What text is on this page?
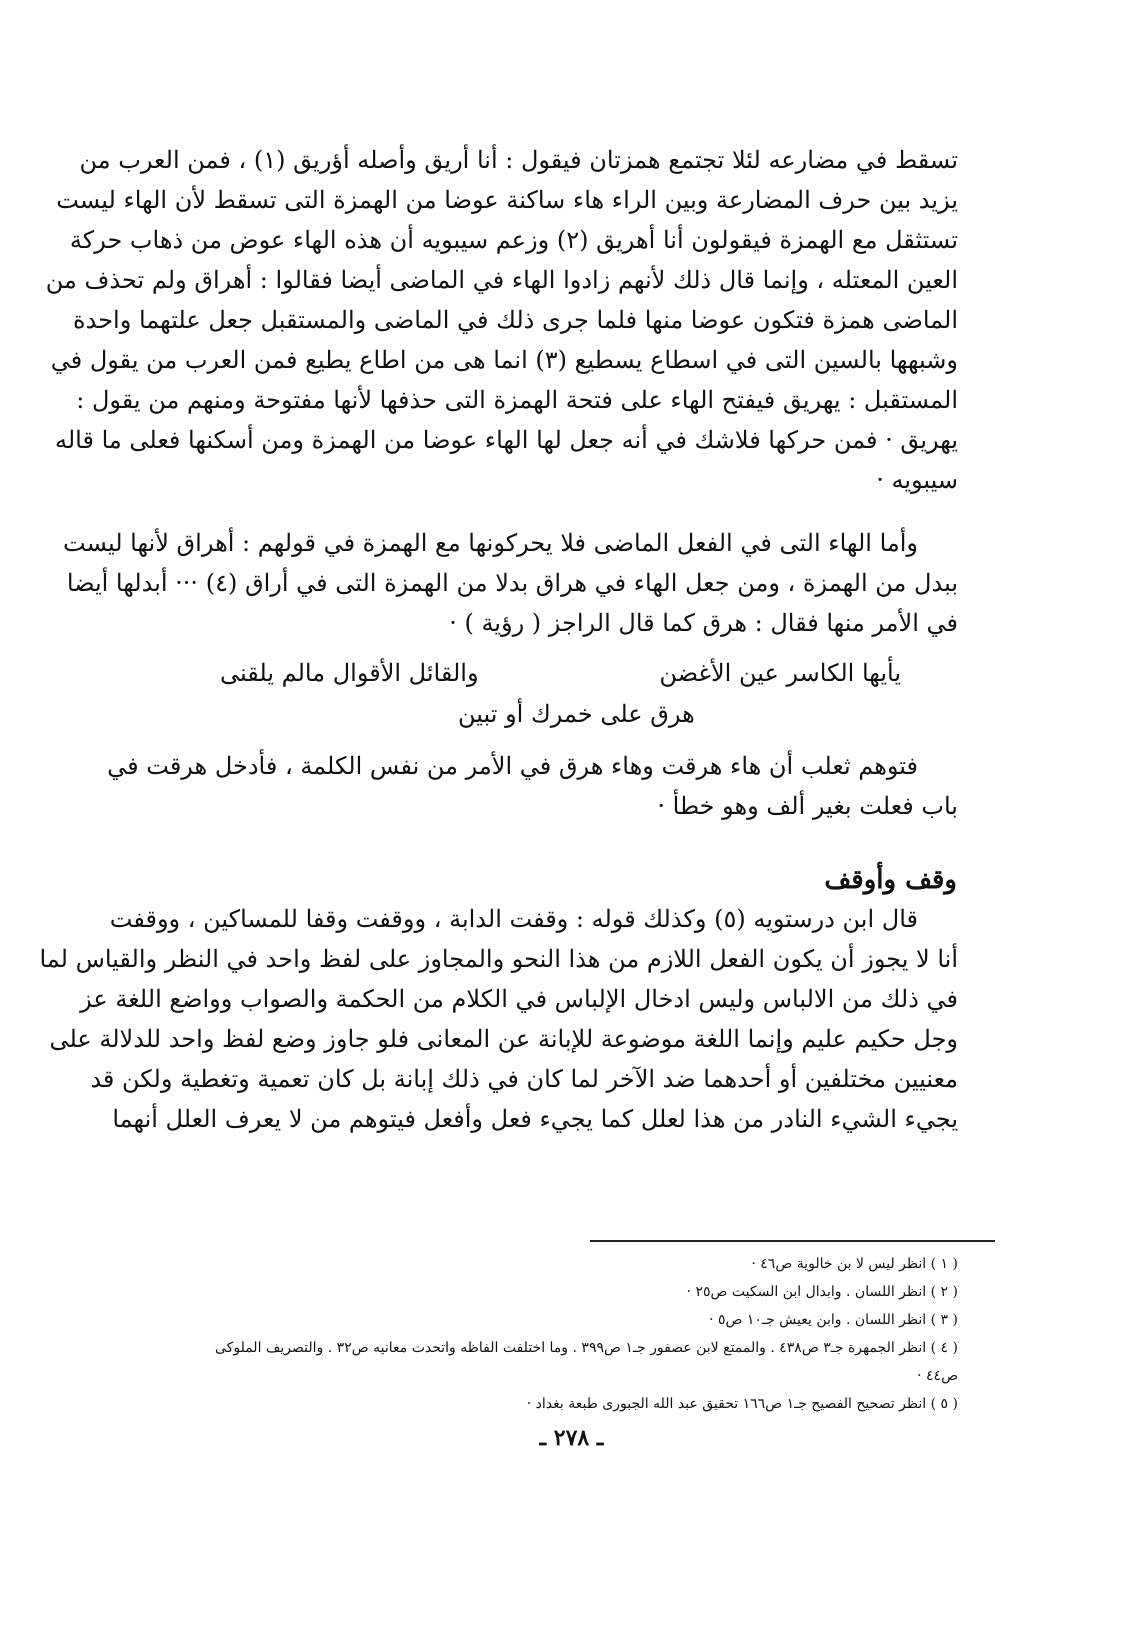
تسقط في مضارعه لئلا تجتمع همزتان فيقول : أنا أريق وأصله أؤريق (١) ، فمن العرب من
يزيد بين حرف المضارعة وبين الراء هاء ساكنة عوضا من الهمزة التى تسقط لأن الهاء ليست
تستثقل مع الهمزة فيقولون أنا أهريق (٢) وزعم سيبويه أن هذه الهاء عوض من ذهاب حركة
العين المعتله ، وإنما قال ذلك لأنهم زادوا الهاء في الماضى أيضا فقالوا : أهراق ولم تحذف من
الماضى همزة فتكون عوضا منها فلما جرى ذلك في الماضى والمستقبل جعل علتهما واحدة
وشبهها بالسين التى في اسطاع يسطيع (٣) انما هى من اطاع يطيع فمن العرب من يقول في
المستقبل : يهريق فيفتح الهاء على فتحة الهمزة التى حذفها لأنها مفتوحة ومنهم من يقول :
يهريق · فمن حركها فلاشك في أنه جعل لها الهاء عوضا من الهمزة ومن أسكنها فعلى ما قاله
سيبويه ·
وأما الهاء التى في الفعل الماضى فلا يحركونها مع الهمزة في قولهم : أهراق لأنها ليست
ببدل من الهمزة ، ومن جعل الهاء في هراق بدلا من الهمزة التى في أراق (٤) ··· أبدلها أيضا
في الأمر منها فقال : هرق كما قال الراجز ( رؤية ) ·
يأيها الكاسر عين الأغضن
والقائل الأقوال مالم يلقنى
هرق على خمرك أو تبين
فتوهم ثعلب أن هاء هرقت وهاء هرق في الأمر من نفس الكلمة ، فأدخل هرقت في
باب فعلت بغير ألف وهو خطأ ·
وقف وأوقف
قال ابن درستويه (٥) وكذلك قوله : وقفت الدابة ، ووقفت وقفا للمساكين ، ووقفت
أنا لا يجوز أن يكون الفعل اللازم من هذا النحو والمجاوز على لفظ واحد في النظر والقياس لما
في ذلك من الالباس وليس ادخال الإلباس في الكلام من الحكمة والصواب وواضع اللغة عز
وجل حكيم عليم وإنما اللغة موضوعة للإبانة عن المعانى فلو جاوز وضع لفظ واحد للدلالة على
معنيين مختلفين أو أحدهما ضد الآخر لما كان في ذلك إبانة بل كان تعمية وتغطية ولكن قد
يجيء الشيء النادر من هذا لعلل كما يجيء فعل وأفعل فيتوهم من لا يعرف العلل أنهما
( ١ ) انظر ليس لا بن خالوية ص٤٦ ·
( ٢ ) انظر اللسان . وابدال ابن السكيت ص٢٥ ·
( ٣ ) انظر اللسان . وابن يعيش جـ١٠ ص٥ ·
( ٤ ) انظر الجمهرة جـ٣ ص٤٣٨ . والممتع لابن عصفور جـ١ ص٣٩٩ . وما اختلفت الفاظه واتحدت معانيه ص٣٢ . والتصريف الملوكى
ص٤٤ ·
( ٥ ) انظر تصحيح الفصيح جـ١ ص١٦٦ تحقيق عبد الله الجبورى طبعة بغداد ·
ـ ٢٧٨ ـ
